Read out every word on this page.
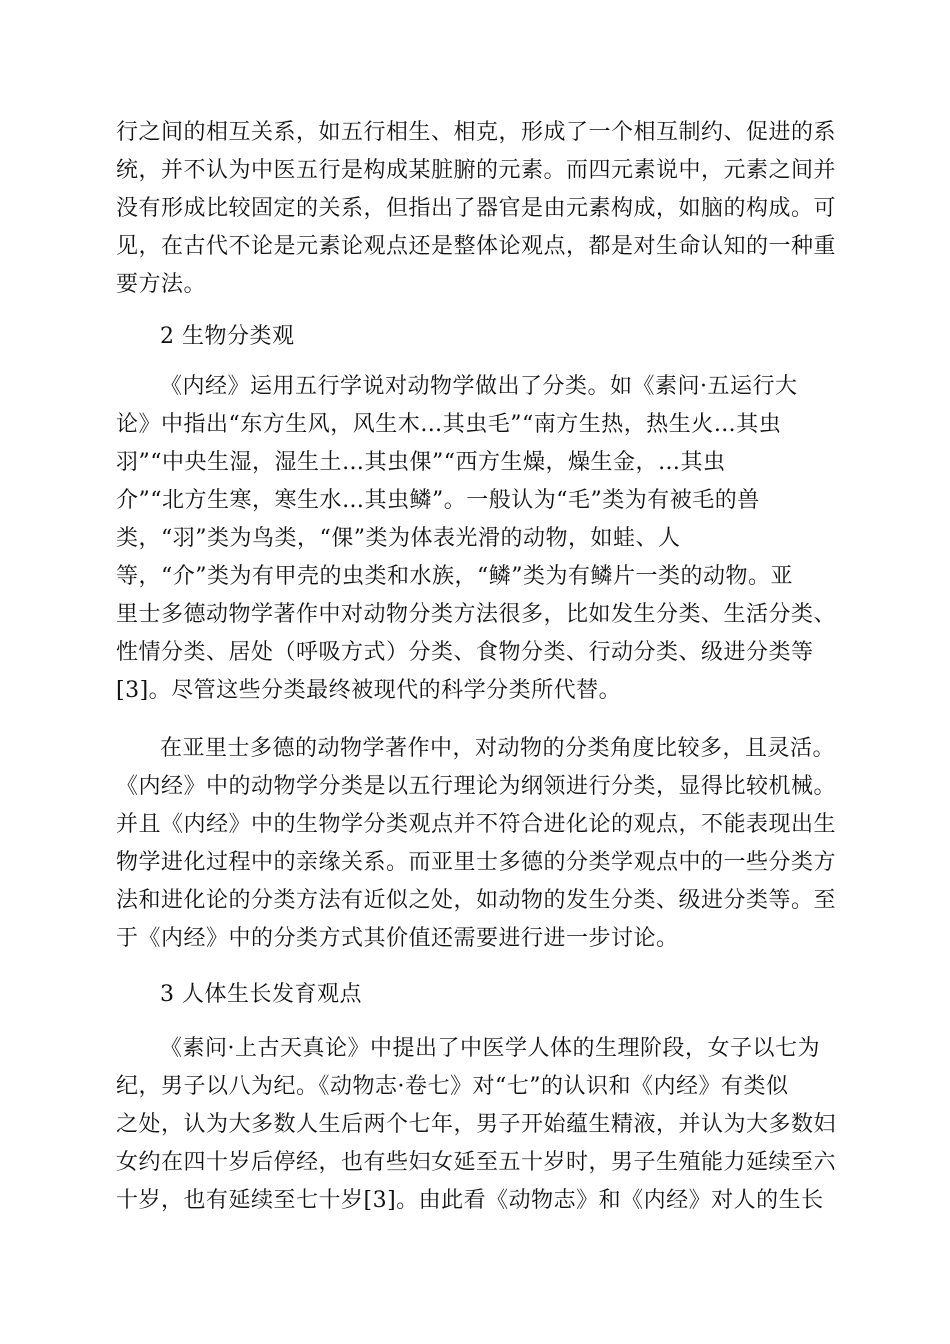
行之间的相互关系，如五行相生、相克，形成了一个相互制约、促进的系
统，并不认为中医五行是构成某脏腑的元素。而四元素说中，元素之间并
没有形成比较固定的关系，但指出了器官是由元素构成，如脑的构成。可
见，在古代不论是元素论观点还是整体论观点，都是对生命认知的一种重
要方法。
2 生物分类观
《内经》运用五行学说对动物学做出了分类。如《素问·五运行大
论》中指出“东方生风，风生木…其虫毛”“南方生热，热生火…其虫
羽”“中央生湿，湿生土…其虫倮”“西方生燥，燥生金，…其虫
介”“北方生寒，寒生水…其虫鳞”。一般认为“毛”类为有被毛的兽
类，“羽”类为鸟类，“倮”类为体表光滑的动物，如蛙、人
等，“介”类为有甲壳的虫类和水族，“鳞”类为有鳞片一类的动物。亚
里士多德动物学著作中对动物分类方法很多，比如发生分类、生活分类、
性情分类、居处（呼吸方式）分类、食物分类、行动分类、级进分类等
[3]。尽管这些分类最终被现代的科学分类所代替。
在亚里士多德的动物学著作中，对动物的分类角度比较多，且灵活。
《内经》中的动物学分类是以五行理论为纲领进行分类，显得比较机械。
并且《内经》中的生物学分类观点并不符合进化论的观点，不能表现出生
物学进化过程中的亲缘关系。而亚里士多德的分类学观点中的一些分类方
法和进化论的分类方法有近似之处，如动物的发生分类、级进分类等。至
于《内经》中的分类方式其价值还需要进行进一步讨论。
3 人体生长发育观点
《素问·上古天真论》中提出了中医学人体的生理阶段，女子以七为
纪，男子以八为纪。《动物志·卷七》对“七”的认识和《内经》有类似
之处，认为大多数人生后两个七年，男子开始蕴生精液，并认为大多数妇
女约在四十岁后停经，也有些妇女延至五十岁时，男子生殖能力延续至六
十岁，也有延续至七十岁[3]。由此看《动物志》和《内经》对人的生长
